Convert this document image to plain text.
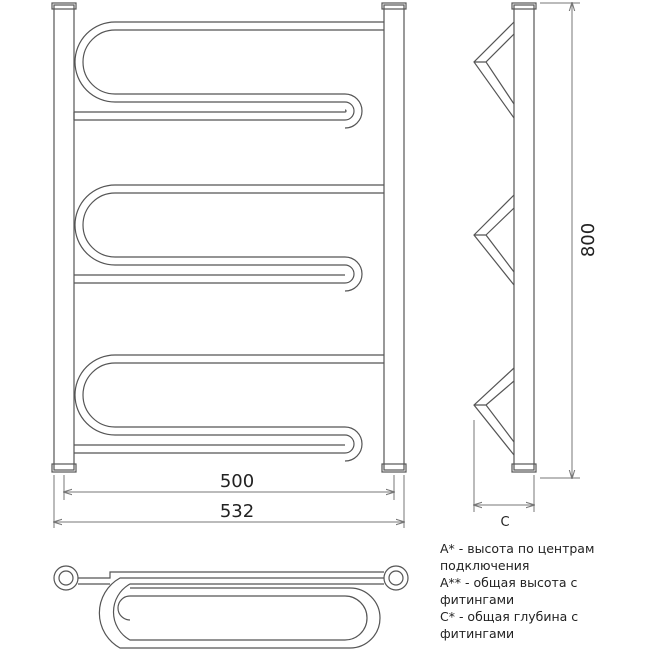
500
532
800
C
A* - высота по центрам подключения
A** - общая высота с фитингами
C* - общая глубина с фитингами
